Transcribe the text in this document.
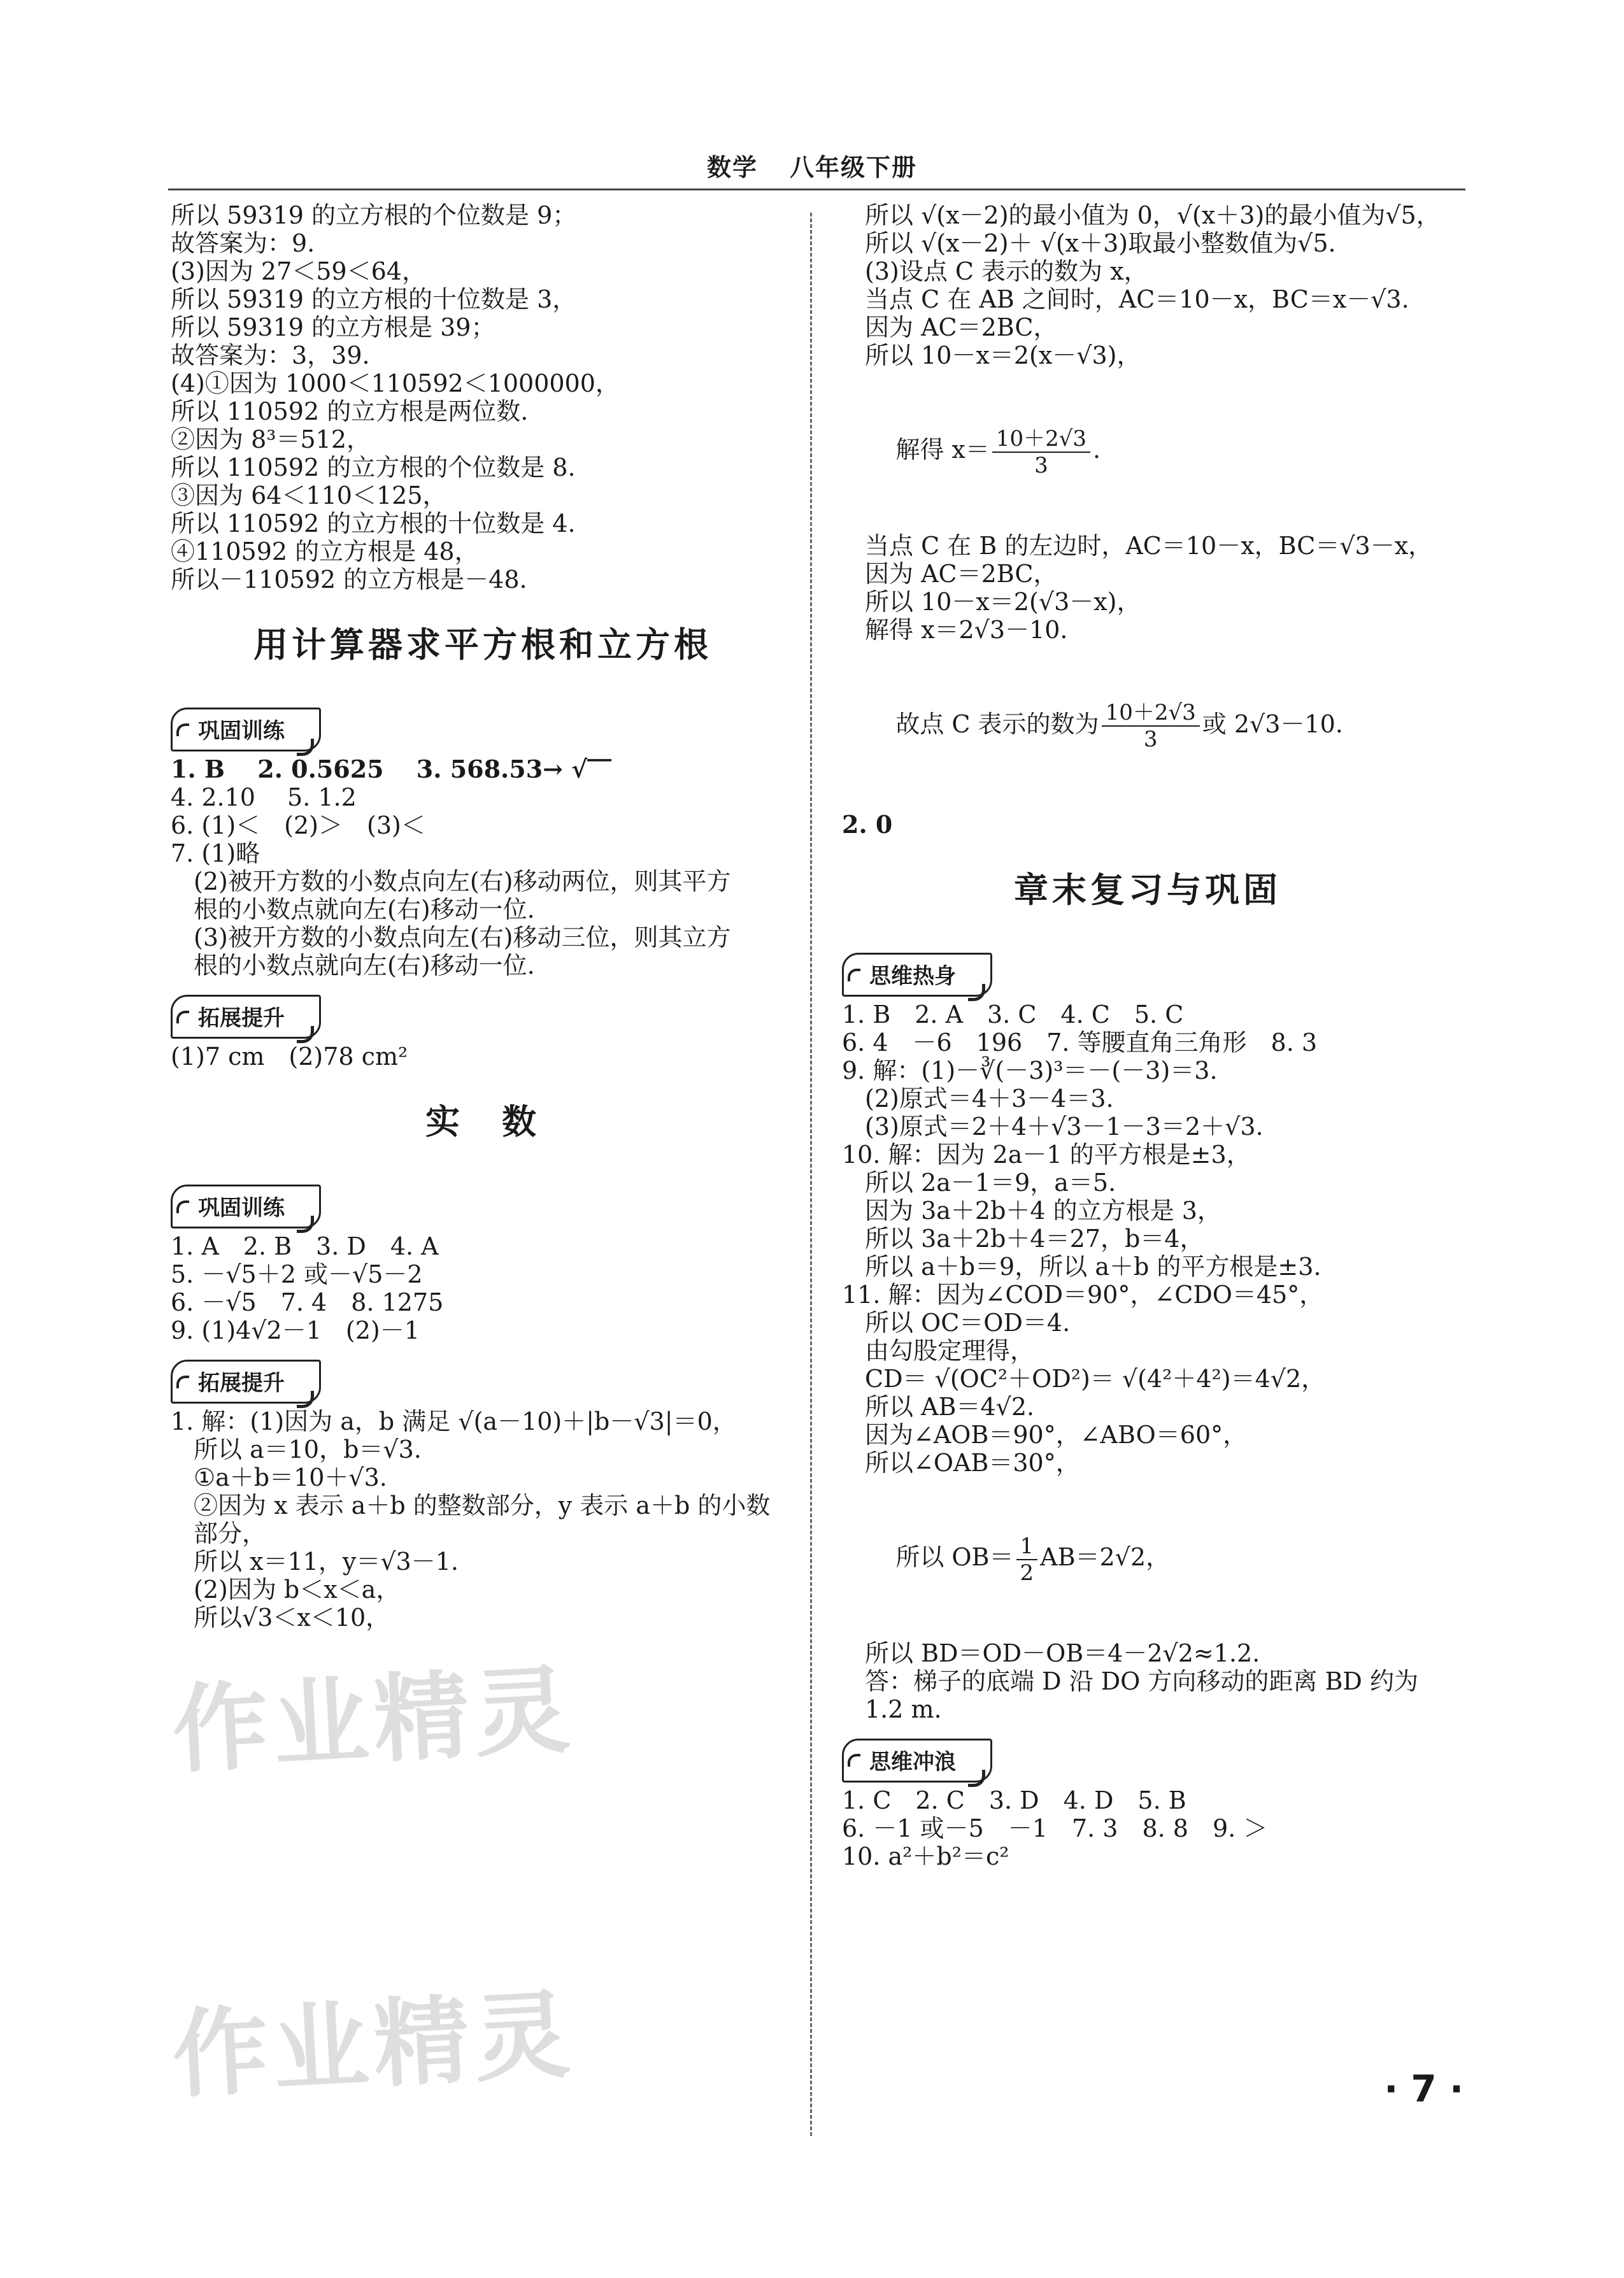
数学 八年级下册

所以 59319 的立方根的个位数是 9；

故答案为：9.

(3)因为 27＜59＜64，

所以 59319 的立方根的十位数是 3，

所以 59319 的立方根是 39；

故答案为：3，39.

(4)①因为 1000＜110592＜1000000，

所以 110592 的立方根是两位数.

②因为 8³＝512，

所以 110592 的立方根的个位数是 8.

③因为 64＜110＜125，

所以 110592 的立方根的十位数是 4.

④110592 的立方根是 48，

所以－110592 的立方根是－48.

用计算器求平方根和立方根
巩固训练

1. B　 2. 0.5625　 3. 568.53→ √‾‾

4. 2.10　 5. 1.2

6. (1)＜　(2)＞　(3)＜

7. (1)略

(2)被开方数的小数点向左(右)移动两位，则其平方

根的小数点就向左(右)移动一位.

(3)被开方数的小数点向左(右)移动三位，则其立方

根的小数点就向左(右)移动一位.

拓展提升

(1)7 cm　(2)78 cm²

实　数
巩固训练

1. A　2. B　3. D　4. A

5. －√5＋2 或－√5－2

6. －√5　7. 4　8. 1275

9. (1)4√2－1　(2)－1

拓展提升

1. 解：(1)因为 a，b 满足 √(a－10)＋|b－√3|＝0，

所以 a＝10，b＝√3.

①a＋b＝10＋√3.

②因为 x 表示 a＋b 的整数部分，y 表示 a＋b 的小数

部分，

所以 x＝11，y＝√3－1.

(2)因为 b＜x＜a，

所以√3＜x＜10，

所以 √(x－2)的最小值为 0，√(x＋3)的最小值为√5，

所以 √(x－2)＋ √(x＋3)取最小整数值为√5.

(3)设点 C 表示的数为 x，

当点 C 在 AB 之间时，AC＝10－x，BC＝x－√3.

因为 AC＝2BC，

所以 10－x＝2(x－√3)，

解得 $x= \frac{10+2√3}{3}$ .

当点 C 在 B 的左边时，AC＝10－x，BC＝√3－x，

因为 AC＝2BC，

所以 10－x＝2(√3－x)，

解得 x＝2√3－10.

故点 C 表示的数为 $\frac{10+2√3}{3}$ 或 2√3－10.

2. 0

章末复习与巩固
思维热身

1. B　2. A　3. C　4. C　5. C

6. 4　－6　196　7. 等腰直角三角形　8. 3

9. 解：(1)－∛(－3)³＝－(－3)＝3.

(2)原式＝4＋3－4＝3.

(3)原式＝2＋4＋√3－1－3＝2＋√3.

10. 解：因为 2a－1 的平方根是±3，

所以 2a－1＝9，a＝5.

因为 3a＋2b＋4 的立方根是 3，

所以 3a＋2b＋4＝27，b＝4，

所以 a＋b＝9，所以 a＋b 的平方根是±3.

11. 解：因为∠COD＝90°，∠CDO＝45°，

所以 OC＝OD＝4.

由勾股定理得，

CD＝ √(OC²＋OD²)＝ √(4²＋4²)＝4√2，

所以 AB＝4√2.

因为∠AOB＝90°，∠ABO＝60°，

所以∠OAB＝30°，

所以 $OB= \frac{1}{2} AB=2√2$，

所以 BD＝OD－OB＝4－2√2≈1.2.

答：梯子的底端 D 沿 DO 方向移动的距离 BD 约为

1.2 m.

思维冲浪

1. C　2. C　3. D　4. D　5. B

6. －1 或－5　－1　7. 3　8. 8　9. ＞

10. a²＋b²＝c²

· 7 ·
作业精灵
作业精灵
